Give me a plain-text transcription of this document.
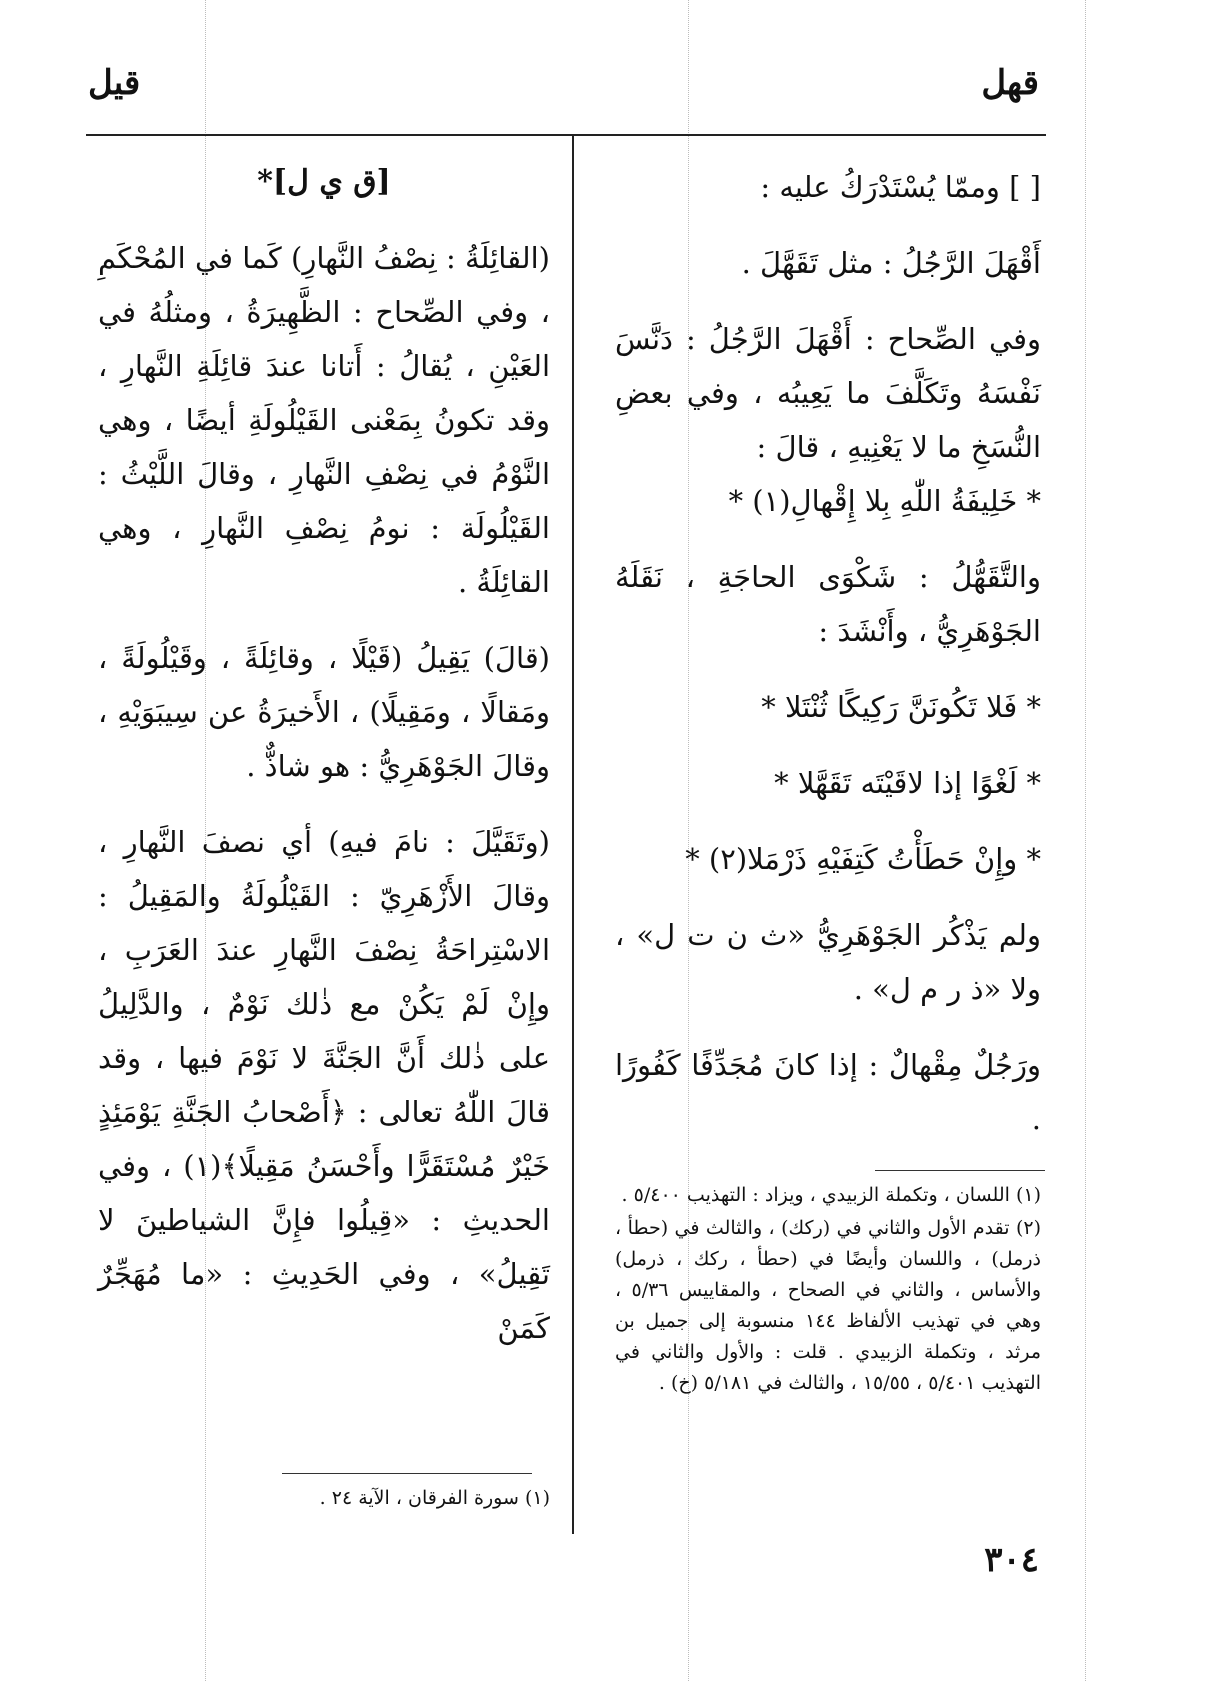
قهل
قيل

[ ] وممّا يُسْتَدْرَكُ عليه :

أَقْهَلَ الرَّجُلُ : مثل تَقَهَّلَ .

وفي الصِّحاح : أَقْهَلَ الرَّجُلُ : دَنَّسَ نَفْسَهُ وتَكَلَّفَ ما يَعِيبُه ، وفي بعضِ النُّسَخِ ما لا يَعْنِيهِ ، قالَ :

* خَلِيفَةُ اللّٰهِ بِلا إِقْهالِ(١) *

والتَّقَهُّلُ : شَكْوَى الحاجَةِ ، نَقَلَهُ الجَوْهَرِيُّ ، وأَنْشَدَ :

* فَلا تَكُونَنَّ رَكِيكًا ثُنْتَلا *

* لَغْوًا إذا لاقَيْتَه تَقَهَّلا *

* وإِنْ حَطَأْتُ كَتِفَيْهِ ذَرْمَلا(٢) *

ولم يَذْكُر الجَوْهَرِيُّ «ث ن ت ل» ، ولا «ذ ر م ل» .

ورَجُلٌ مِقْهالٌ : إذا كانَ مُجَدِّفًا كَفُورًا .

(١) اللسان ، وتكملة الزبيدي ، ويزاد : التهذيب ٥/٤٠٠ .

(٢) تقدم الأول والثاني في (ركك) ، والثالث في (حطأ ، ذرمل) ، واللسان وأيضًا في (حطأ ، ركك ، ذرمل) والأساس ، والثاني في الصحاح ، والمقاييس ٥/٣٦ ، وهي في تهذيب الألفاظ ١٤٤ منسوبة إلى جميل بن مرثد ، وتكملة الزبيدي . قلت : والأول والثاني في التهذيب ٥/٤٠١ ، ١٥/٥٥ ، والثالث في ٥/١٨١ (خ) .

[ق ي ل]*

(القائِلَةُ : نِصْفُ النَّهارِ) كَما في المُحْكَمِ ، وفي الصِّحاح : الظَّهِيرَةُ ، ومثلُهُ في العَيْنِ ، يُقالُ : أَتانا عندَ قائِلَةِ النَّهارِ ، وقد تكونُ بِمَعْنى القَيْلُولَةِ أيضًا ، وهي النَّوْمُ في نِصْفِ النَّهارِ ، وقالَ اللَّيْثُ : القَيْلُولَة : نومُ نِصْفِ النَّهارِ ، وهي القائِلَةُ .

(قالَ) يَقِيلُ (قَيْلًا ، وقائِلَةً ، وقَيْلُولَةً ، ومَقالًا ، ومَقِيلًا) ، الأَخيرَةُ عن سِيبَوَيْهِ ، وقالَ الجَوْهَرِيُّ : هو شاذٌّ .

(وتَقَيَّلَ : نامَ فيهِ) أي نصفَ النَّهارِ ، وقالَ الأَزْهَرِيّ : القَيْلُولَةُ والمَقِيلُ : الاسْتِراحَةُ نِصْفَ النَّهارِ عندَ العَرَبِ ، وإِنْ لَمْ يَكُنْ مع ذٰلك نَوْمٌ ، والدَّلِيلُ على ذٰلك أَنَّ الجَنَّةَ لا نَوْمَ فيها ، وقد قالَ اللّٰهُ تعالى : ﴿أَصْحابُ الجَنَّةِ يَوْمَئِذٍ خَيْرٌ مُسْتَقَرًّا وأَحْسَنُ مَقِيلًا﴾(١) ، وفي الحديثِ : «قِيلُوا فإِنَّ الشياطينَ لا تَقِيلُ» ، وفي الحَدِيثِ : «ما مُهَجِّرٌ كَمَنْ

(١) سورة الفرقان ، الآية ٢٤ .

٣٠٤
